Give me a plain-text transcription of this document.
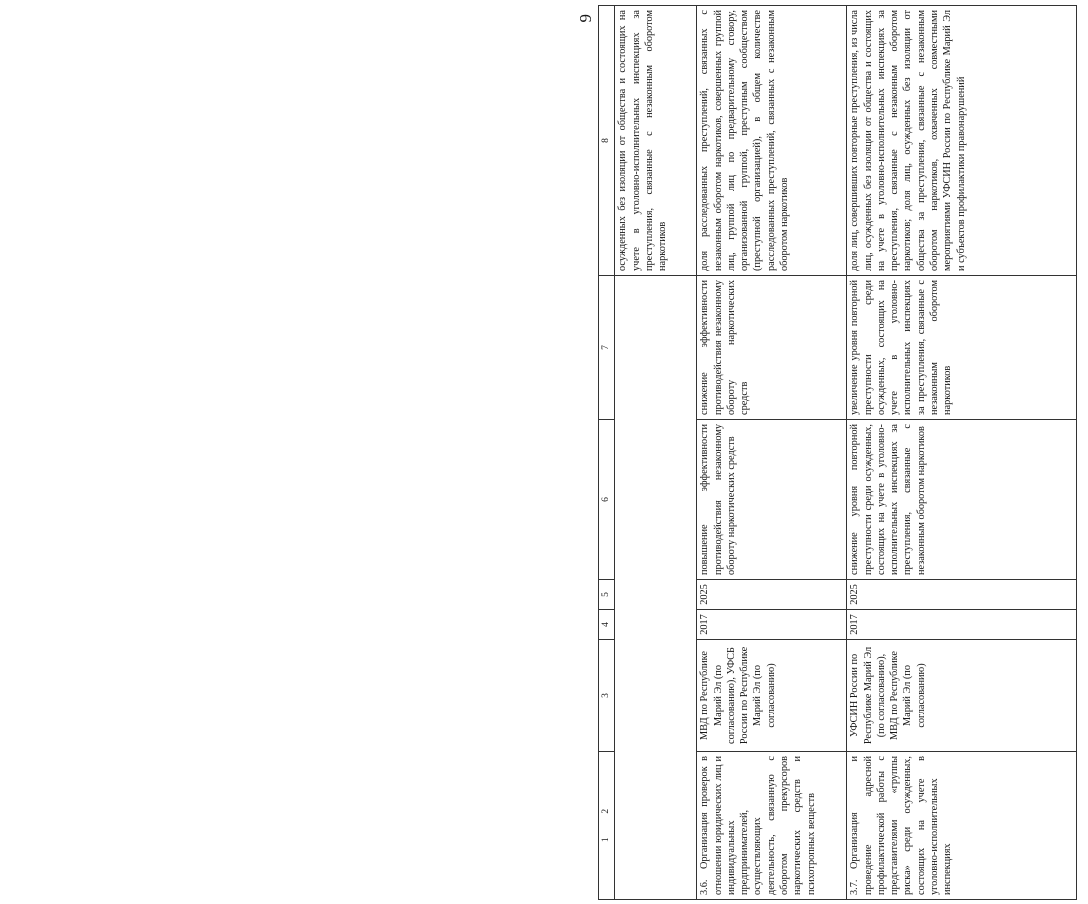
9
1          2	3	4	5	6	7	8
						осужденных без изоляции от общества и состоящих на учете в уголовно-исполнительных инспекциях за преступления, связанные с незаконным оборотом наркотиков
3.6.Организация проверок в отношении юридических лиц и индивидуальных предпринимателей, осуществляющих деятельность, связанную с оборотом прекурсоров наркотических средств и психотропных веществ	МВД по Республике Марий Эл (по согласованию), УФСБ России по Республике Марий Эл (по согласованию)	2017	2025	повышение эффективности противодействия незаконному обороту наркотических средств	снижение эффективности противодействия незаконному обороту наркотических средств	доля расследованных преступлений, связанных с незаконным оборотом наркотиков, совершенных группой лиц, группой лиц по предварительному сговору, организованной группой, преступным сообществом (преступной организацией), в общем количестве расследованных преступлений, связанных с незаконным оборотом наркотиков
3.7.Организация и проведение адресной профилактической работы с представителями «группы риска» среди осужденных, состоящих на учете в уголовно-исполнительных инспекциях	УФСИН России по Республике Марий Эл (по согласованию), МВД по Республике Марий Эл (по согласованию)	2017	2025	снижение уровня повторной преступности среди осужденных, состоящих на учете в уголовно-исполнительных инспекциях за преступления, связанные с незаконным оборотом наркотиков	увеличение уровня повторной преступности среди осужденных, состоящих на учете в уголовно-исполнительных инспекциях за преступления, связанные с незаконным оборотом наркотиков	доля лиц, совершивших повторные преступления, из числа лиц, осужденных без изоляции от общества и состоящих на учете в уголовно-исполнительных инспекциях за преступления, связанные с незаконным оборотом наркотиков; доля лиц, осужденных без изоляции от общества за преступления, связанные с незаконным оборотом наркотиков, охваченных совместными мероприятиями УФСИН России по Республике Марий Эл и субъектов профилактики правонарушений
